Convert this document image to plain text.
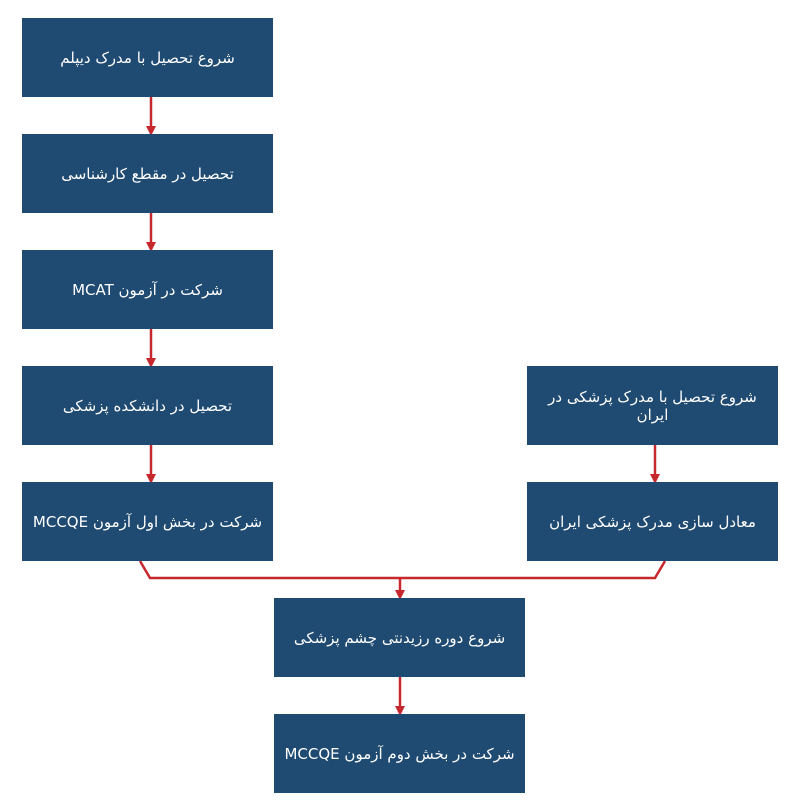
شروع تحصیل با مدرک دیپلم
تحصیل در مقطع کارشناسی
شرکت در آزمون MCAT
تحصیل در دانشکده پزشکی
شرکت در بخش اول آزمون MCCQE
شروع تحصیل با مدرک پزشکی در ایران
معادل سازی مدرک پزشکی ایران
شروع دوره رزیدنتی چشم پزشکی
شرکت در بخش دوم آزمون MCCQE
